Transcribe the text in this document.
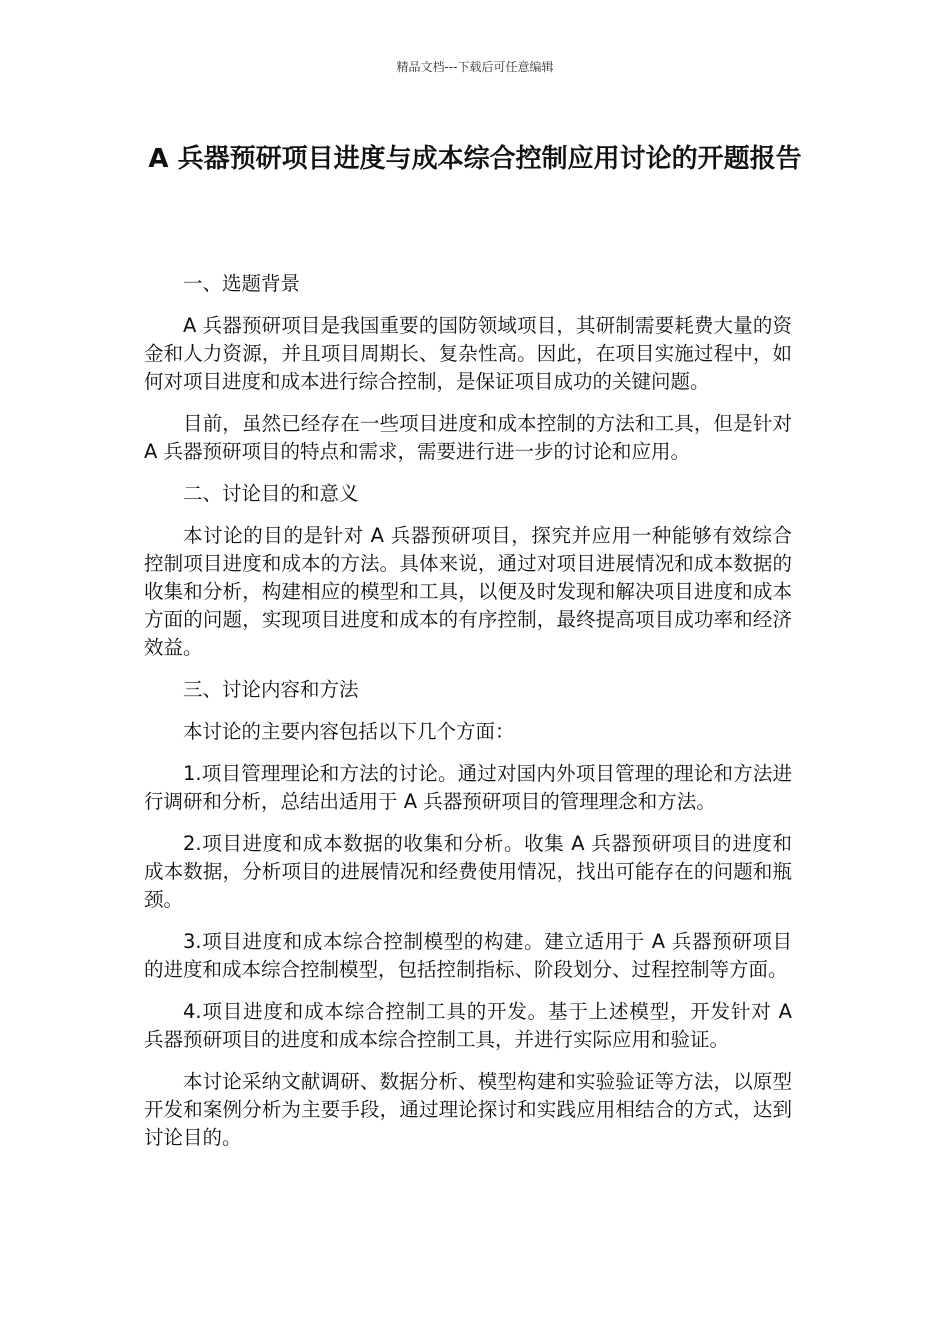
精品文档---下载后可任意编辑
A 兵器预研项目进度与成本综合控制应用讨论的开题报告

一、选题背景

A 兵器预研项目是我国重要的国防领域项目，其研制需要耗费大量的资金和人力资源，并且项目周期长、复杂性高。因此，在项目实施过程中，如何对项目进度和成本进行综合控制，是保证项目成功的关键问题。

目前，虽然已经存在一些项目进度和成本控制的方法和工具，但是针对 A 兵器预研项目的特点和需求，需要进行进一步的讨论和应用。

二、讨论目的和意义

本讨论的目的是针对 A 兵器预研项目，探究并应用一种能够有效综合控制项目进度和成本的方法。具体来说，通过对项目进展情况和成本数据的收集和分析，构建相应的模型和工具，以便及时发现和解决项目进度和成本方面的问题，实现项目进度和成本的有序控制，最终提高项目成功率和经济效益。

三、讨论内容和方法

本讨论的主要内容包括以下几个方面：

1.项目管理理论和方法的讨论。通过对国内外项目管理的理论和方法进行调研和分析，总结出适用于 A 兵器预研项目的管理理念和方法。

2.项目进度和成本数据的收集和分析。收集 A 兵器预研项目的进度和成本数据，分析项目的进展情况和经费使用情况，找出可能存在的问题和瓶颈。

3.项目进度和成本综合控制模型的构建。建立适用于 A 兵器预研项目的进度和成本综合控制模型，包括控制指标、阶段划分、过程控制等方面。

4.项目进度和成本综合控制工具的开发。基于上述模型，开发针对 A 兵器预研项目的进度和成本综合控制工具，并进行实际应用和验证。

本讨论采纳文献调研、数据分析、模型构建和实验验证等方法，以原型开发和案例分析为主要手段，通过理论探讨和实践应用相结合的方式，达到讨论目的。
